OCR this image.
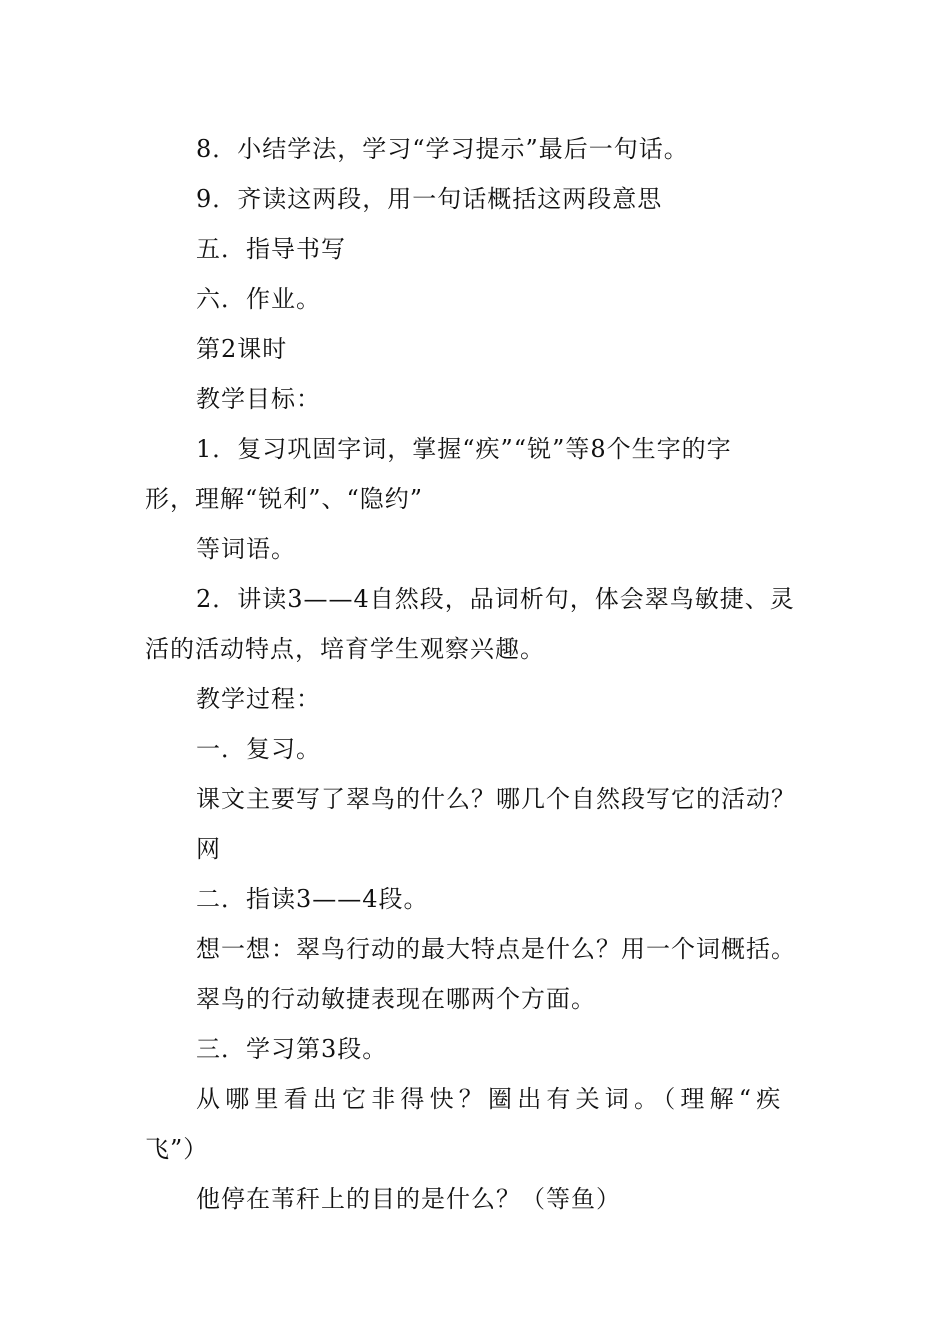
8．小结学法，学习“学习提示”最后一句话。
9．齐读这两段，用一句话概括这两段意思
五．指导书写
六．作业。
第2课时
教学目标：
1．复习巩固字词，掌握“疾”“锐”等8个生字的字
形，理解“锐利”、“隐约”
等词语。
2．讲读3——4自然段，品词析句，体会翠鸟敏捷、灵
活的活动特点，培育学生观察兴趣。
教学过程：
一．复习。
课文主要写了翠鸟的什么？哪几个自然段写它的活动？
网
二．指读3——4段。
想一想：翠鸟行动的最大特点是什么？用一个词概括。
翠鸟的行动敏捷表现在哪两个方面。
三．学习第3段。
从哪里看出它非得快？圈出有关词。（理解“疾
飞”）
他停在苇秆上的目的是什么？（等鱼）
